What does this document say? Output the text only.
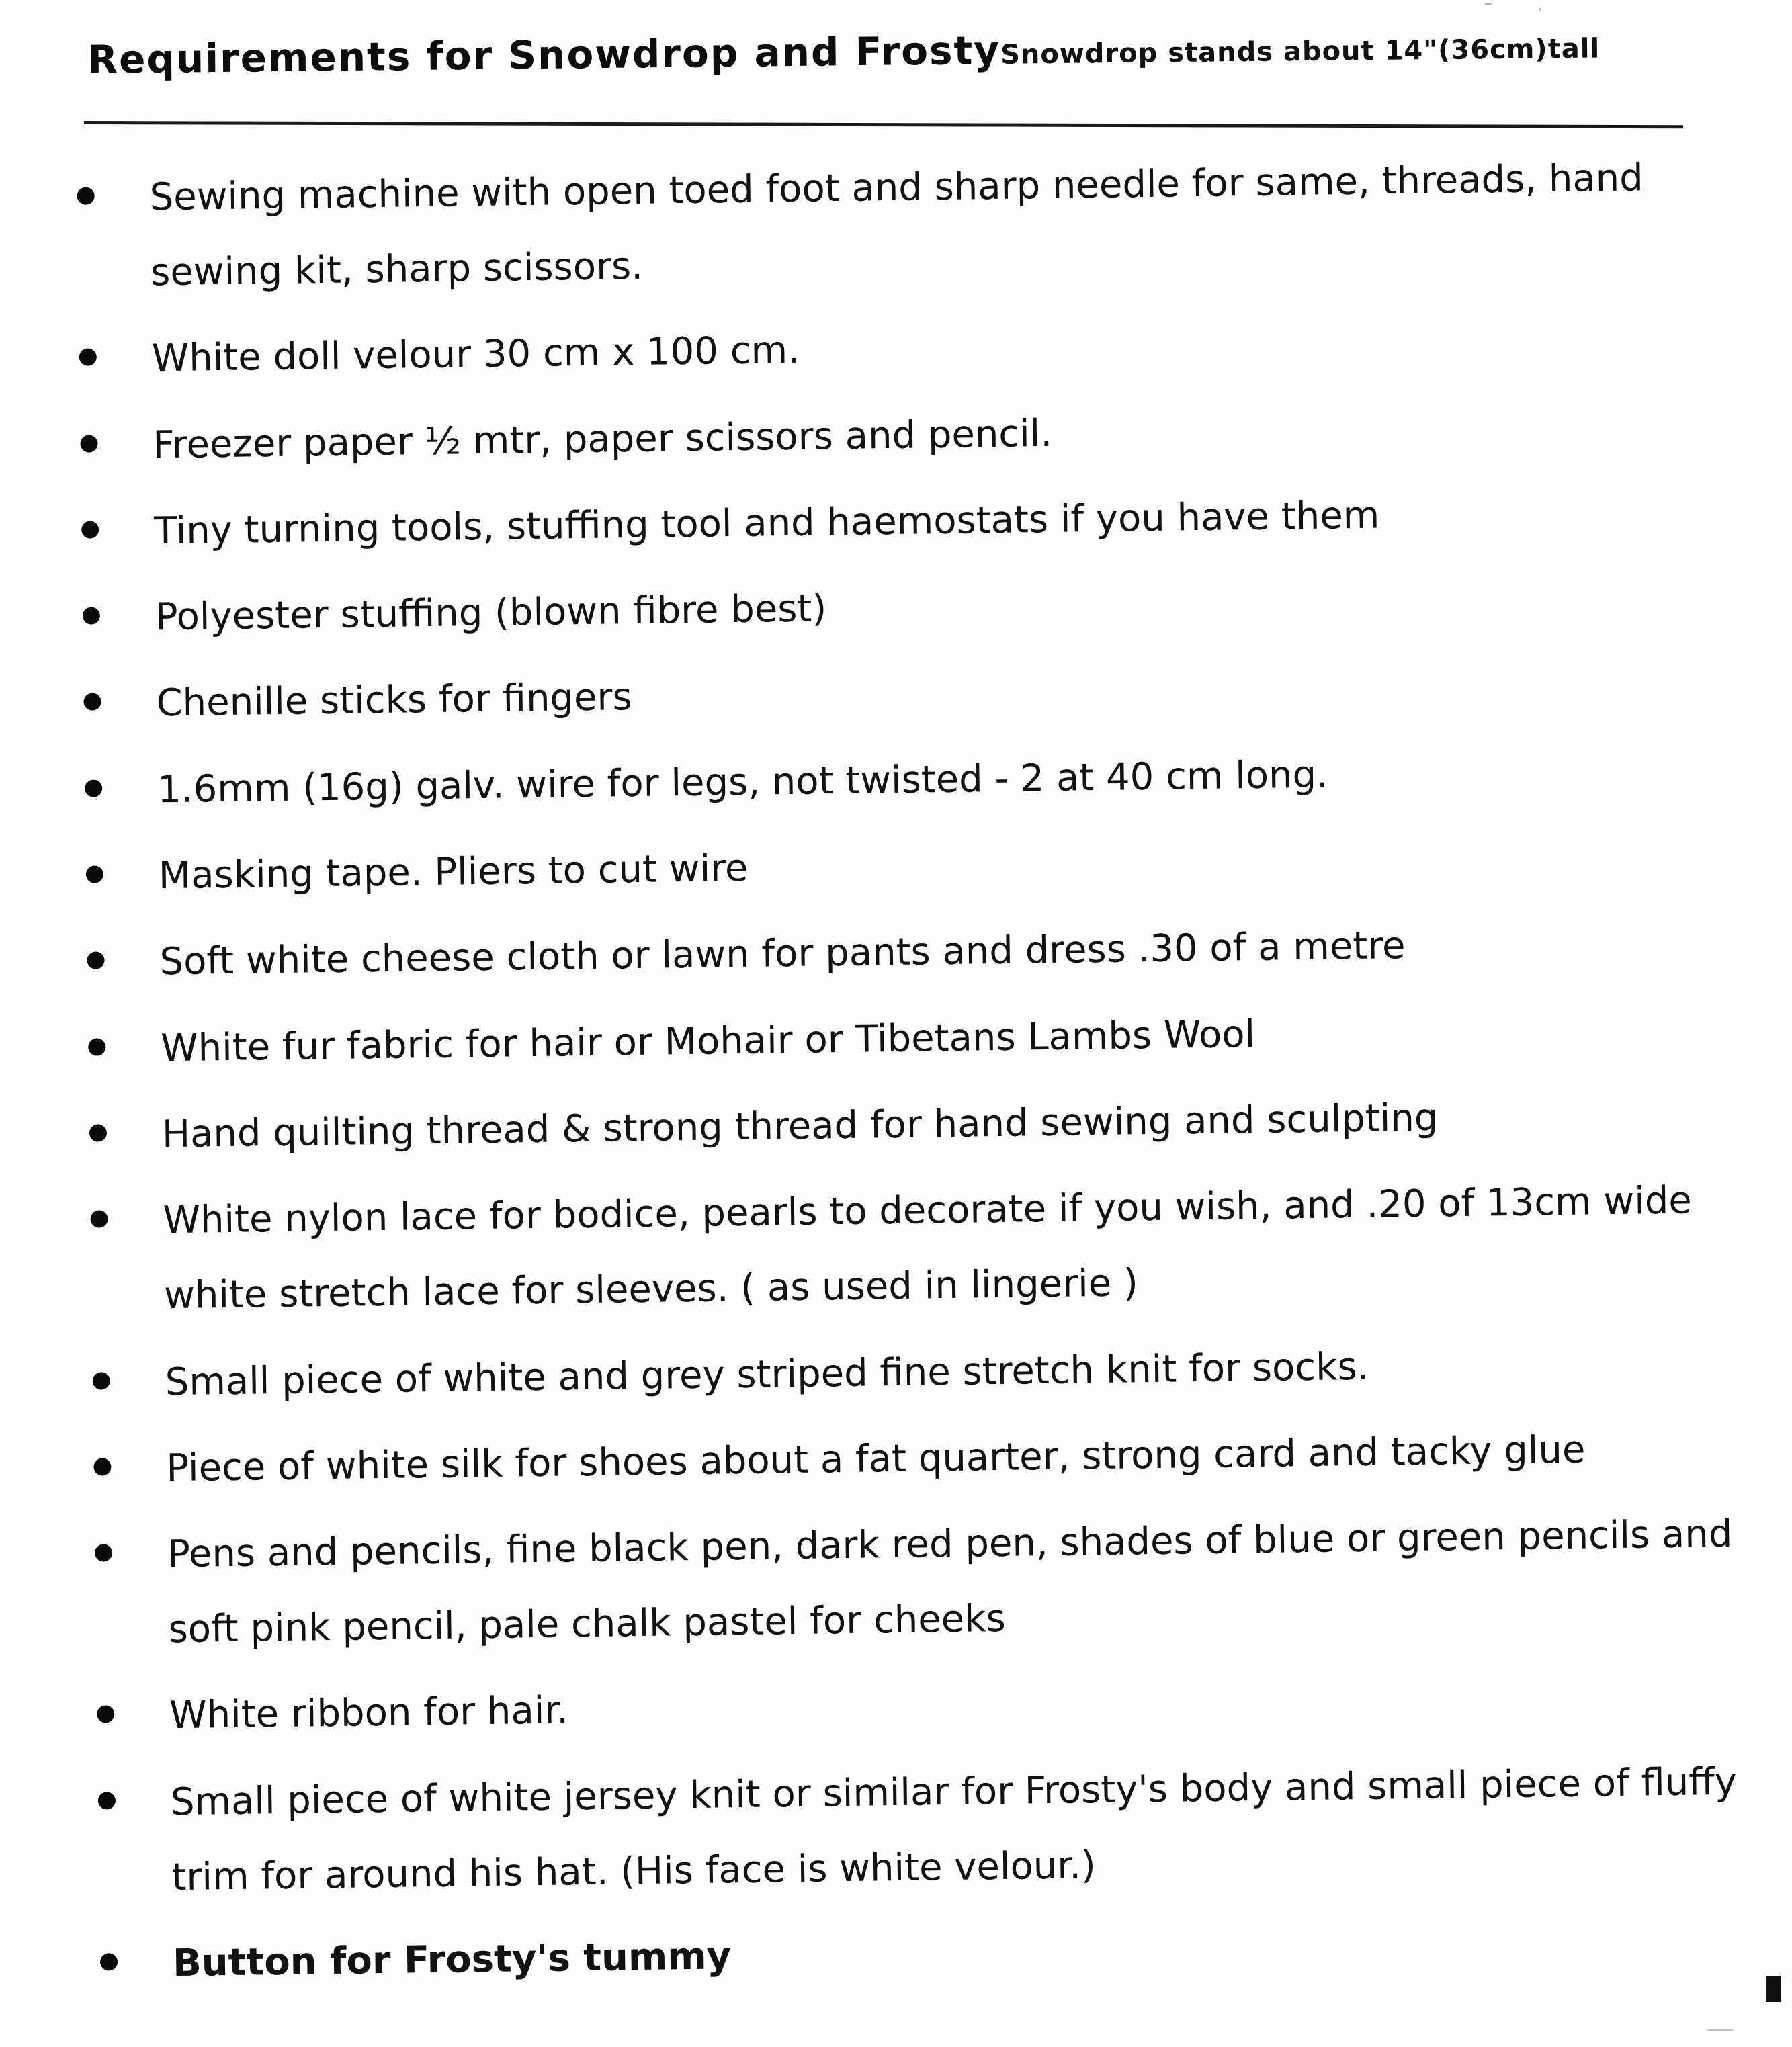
Requirements for Snowdrop and FrostySnowdrop stands about 14"(36cm)tall
Sewing machine with open toed foot and sharp needle for same, threads, hand sewing kit, sharp scissors.
White doll velour 30 cm x 100 cm.
Freezer paper ½ mtr, paper scissors and pencil.
Tiny turning tools, stuffing tool and haemostats if you have them
Polyester stuffing (blown fibre best)
Chenille sticks for fingers
1.6mm (16g) galv. wire for legs, not twisted - 2 at 40 cm long.
Masking tape. Pliers to cut wire
Soft white cheese cloth or lawn for pants and dress .30 of a metre
White fur fabric for hair or Mohair or Tibetans Lambs Wool
Hand quilting thread & strong thread for hand sewing and sculpting
White nylon lace for bodice, pearls to decorate if you wish, and .20 of 13cm wide white stretch lace for sleeves. ( as used in lingerie )
Small piece of white and grey striped fine stretch knit for socks.
Piece of white silk for shoes about a fat quarter, strong card and tacky glue
Pens and pencils, fine black pen, dark red pen, shades of blue or green pencils and soft pink pencil, pale chalk pastel for cheeks
White ribbon for hair.
Small piece of white jersey knit or similar for Frosty's body and small piece of fluffy trim for around his hat. (His face is white velour.)
Button for Frosty's tummy
